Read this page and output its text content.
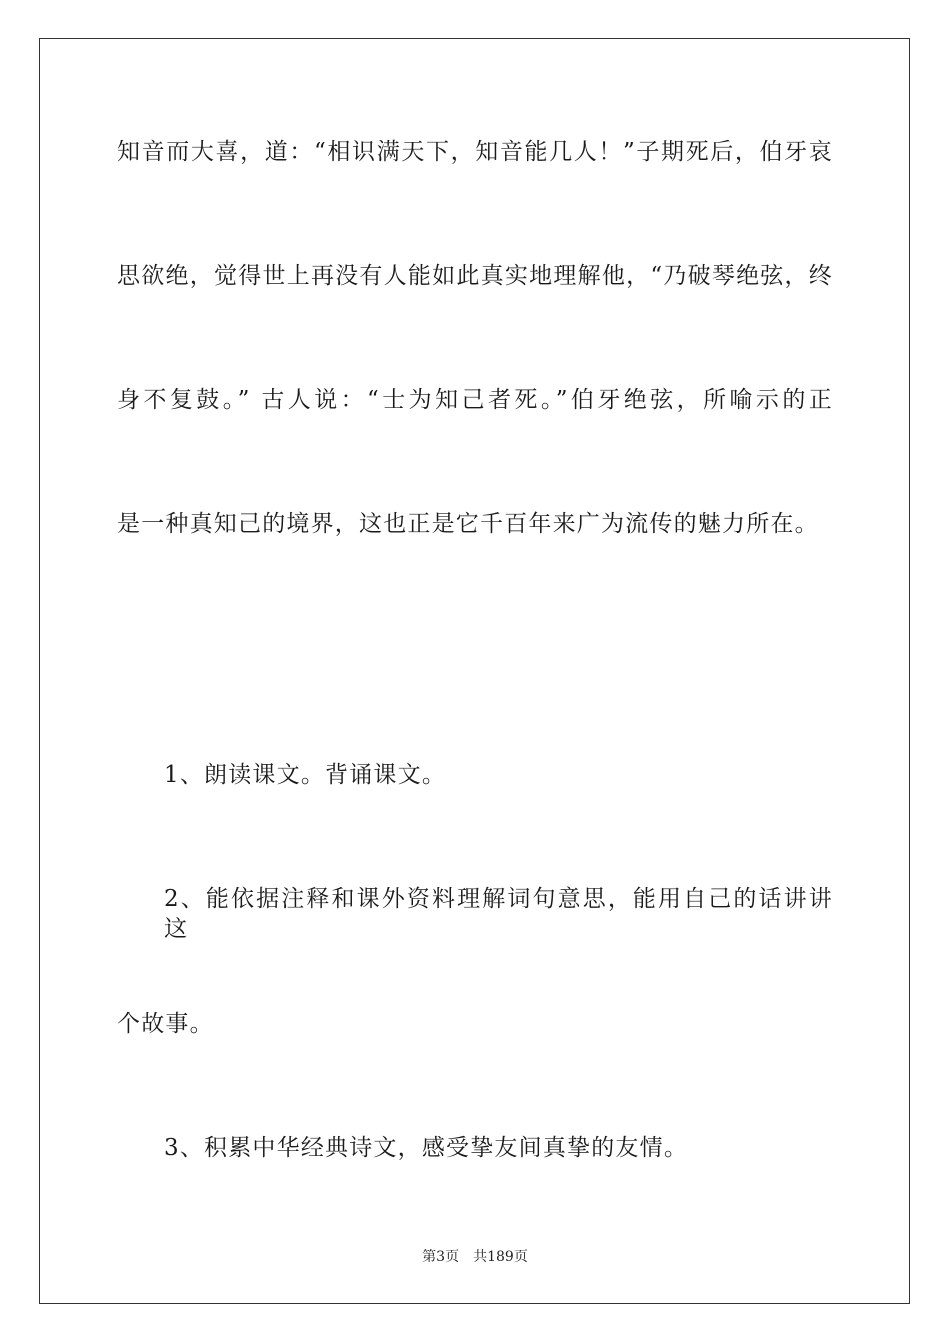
知音而大喜，道：“相识满天下，知音能几人！”子期死后，伯牙哀
思欲绝，觉得世上再没有人能如此真实地理解他，“乃破琴绝弦，终
身不复鼓。” 古人说：“士为知己者死。”伯牙绝弦，所喻示的正
是一种真知己的境界，这也正是它千百年来广为流传的魅力所在。
1、朗读课文。背诵课文。
2、能依据注释和课外资料理解词句意思，能用自己的话讲讲这
个故事。
3、积累中华经典诗文，感受挚友间真挚的友情。
第3页 共189页
